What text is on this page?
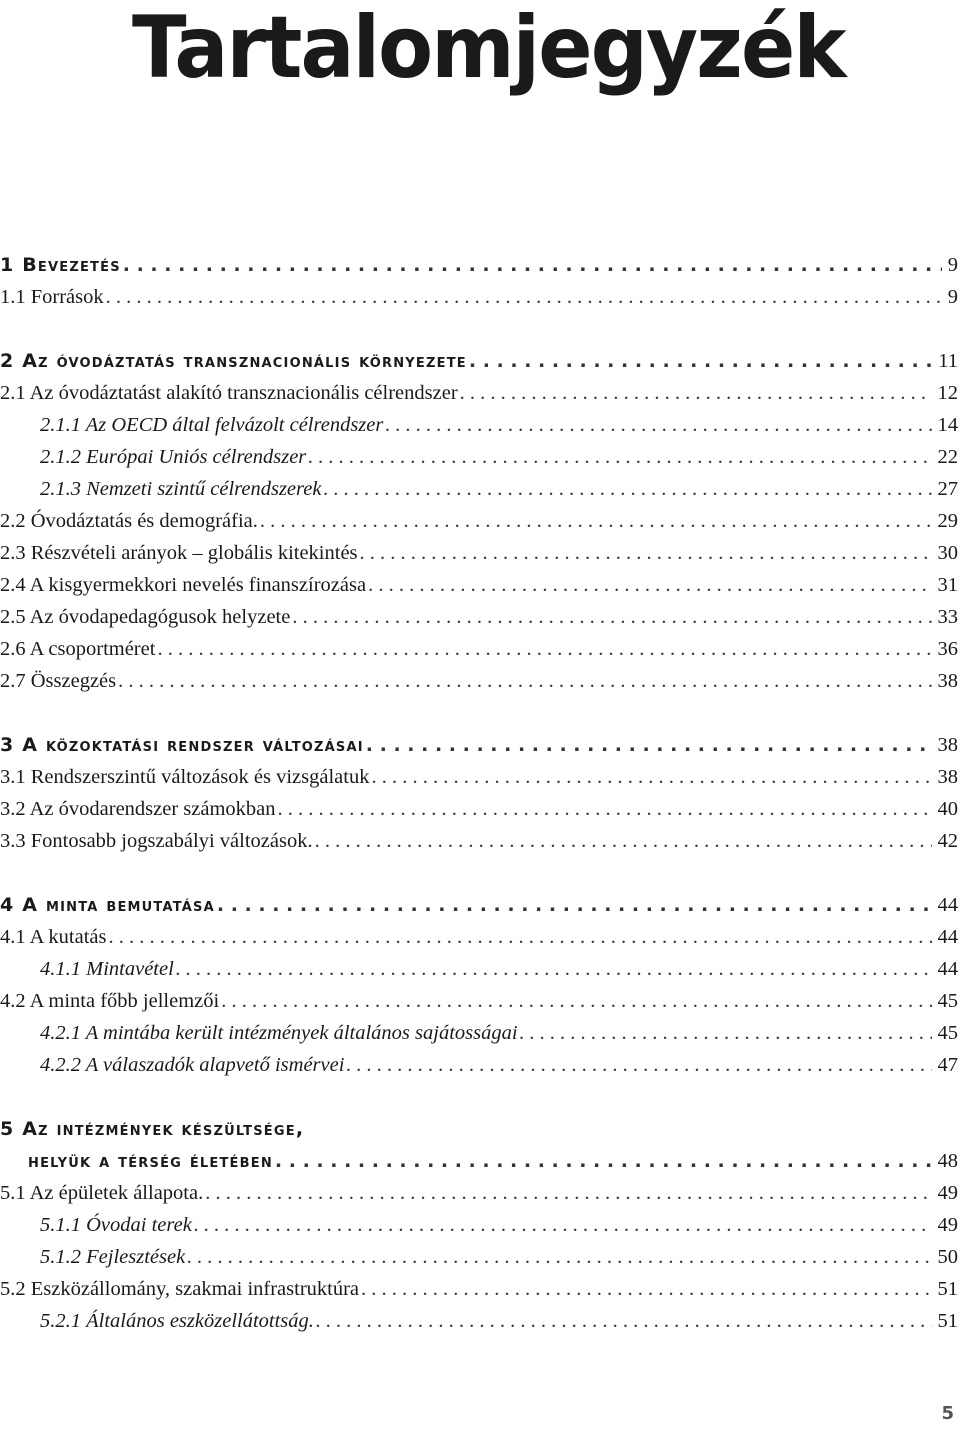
Tartalomjegyzék
1 Bevezetés . . .	9
1.1 Források . . .	9
2 Az óvodáztatás transznacionális környezete . . .	11
2.1 Az óvodáztatást alakító transznacionális célrendszer . . .	12
2.1.1 Az OECD által felvázolt célrendszer . . .	14
2.1.2 Európai Uniós célrendszer . . .	22
2.1.3 Nemzeti szintű célrendszerek . . .	27
2.2 Óvodáztatás és demográfia. . . .	29
2.3 Részvételi arányok – globális kitekintés . . .	30
2.4 A kisgyermekkori nevelés finanszírozása . . .	31
2.5 Az óvodapedagógusok helyzete . . .	33
2.6 A csoportméret . . .	36
2.7 Összegzés . . .	38
3 A közoktatási rendszer változásai . . .	38
3.1 Rendszerszintű változások és vizsgálatuk . . .	38
3.2 Az óvodarendszer számokban . . .	40
3.3 Fontosabb jogszabályi változások. . . .	42
4 A minta bemutatása . . .	44
4.1 A kutatás . . .	44
4.1.1 Mintavétel . . .	44
4.2 A minta főbb jellemzői . . .	45
4.2.1 A mintába került intézmények általános sajátosságai . . .	45
4.2.2 A válaszadók alapvető ismérvei . . .	47
5 Az intézmények készültsége,
helyük a térség életében . . .	48
5.1 Az épületek állapota. . . .	49
5.1.1 Óvodai terek . . .	49
5.1.2 Fejlesztések . . .	50
5.2 Eszközállomány, szakmai infrastruktúra . . .	51
5.2.1 Általános eszközellátottság. . . .	51
5
